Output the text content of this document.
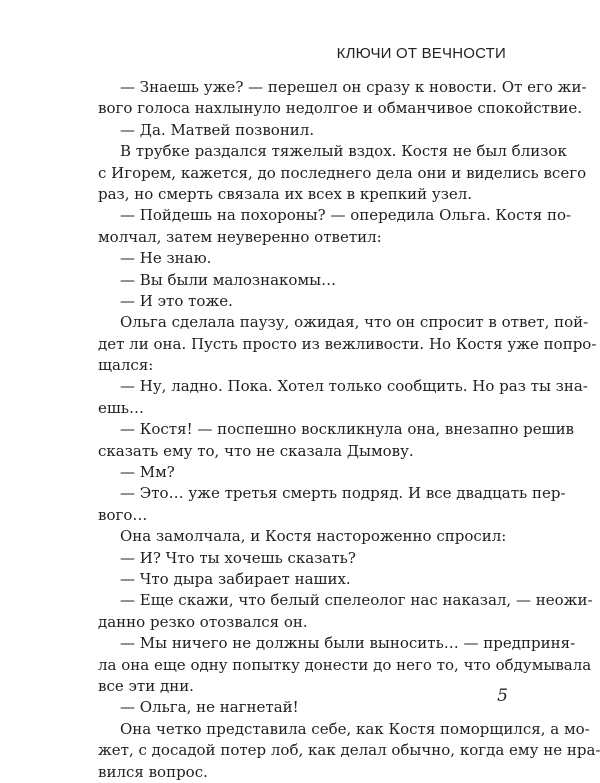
КЛЮЧИ ОТ ВЕЧНОСТИ
— Знаешь уже? — перешел он сразу к новости. От его жи-
вого голоса нахлынуло недолгое и обманчивое спокойствие.
— Да. Матвей позвонил.
В трубке раздался тяжелый вздох. Костя не был близок
с Игорем, кажется, до последнего дела они и виделись всего
раз, но смерть связала их всех в крепкий узел.
— Пойдешь на похороны? — опередила Ольга. Костя по-
молчал, затем неуверенно ответил:
— Не знаю.
— Вы были малознакомы…
— И это тоже.
Ольга сделала паузу, ожидая, что он спросит в ответ, пой-
дет ли она. Пусть просто из вежливости. Но Костя уже попро-
щался:
— Ну, ладно. Пока. Хотел только сообщить. Но раз ты зна-
ешь…
— Костя! — поспешно воскликнула она, внезапно решив
сказать ему то, что не сказала Дымову.
— Мм?
— Это… уже третья смерть подряд. И все двадцать пер-
вого…
Она замолчала, и Костя настороженно спросил:
— И? Что ты хочешь сказать?
— Что дыра забирает наших.
— Еще скажи, что белый спелеолог нас наказал, — неожи-
данно резко отозвался он.
— Мы ничего не должны были выносить… — предприня-
ла она еще одну попытку донести до него то, что обдумывала
все эти дни.
— Ольга, не нагнетай!
Она четко представила себе, как Костя поморщился, а мо-
жет, с досадой потер лоб, как делал обычно, когда ему не нра-
вился вопрос.
5
